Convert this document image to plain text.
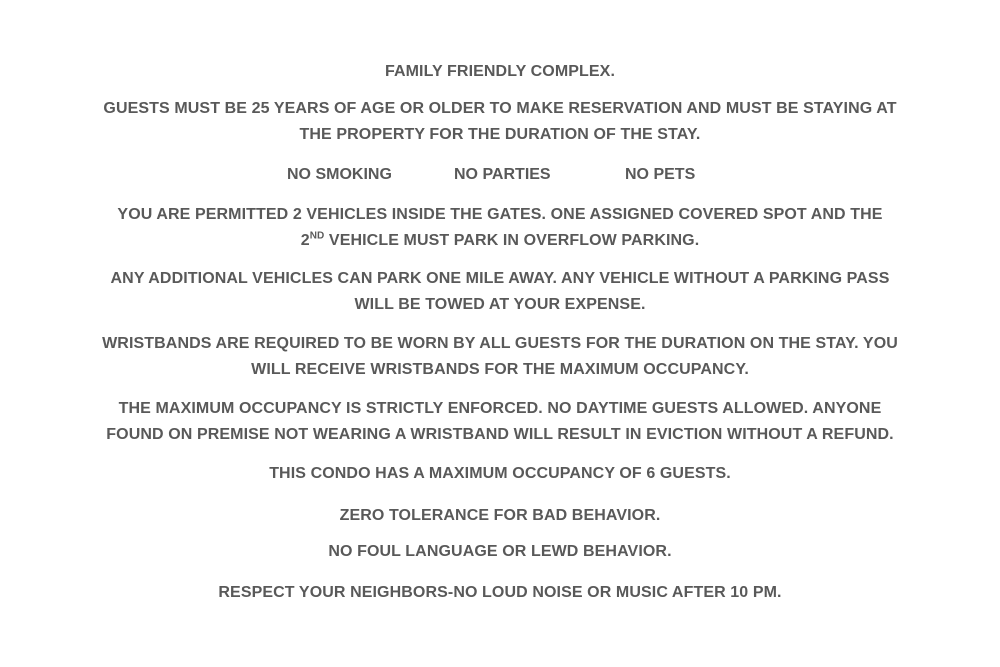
FAMILY FRIENDLY COMPLEX.
GUESTS MUST BE 25 YEARS OF AGE OR OLDER TO MAKE RESERVATION AND MUST BE STAYING AT
THE PROPERTY FOR THE DURATION OF THE STAY.
NO SMOKING	NO PARTIES	NO PETS
YOU ARE PERMITTED 2 VEHICLES INSIDE THE GATES. ONE ASSIGNED COVERED SPOT AND THE
2ND VEHICLE MUST PARK IN OVERFLOW PARKING.
ANY ADDITIONAL VEHICLES CAN PARK ONE MILE AWAY. ANY VEHICLE WITHOUT A PARKING PASS
WILL BE TOWED AT YOUR EXPENSE.
WRISTBANDS ARE REQUIRED TO BE WORN BY ALL GUESTS FOR THE DURATION ON THE STAY. YOU
WILL RECEIVE WRISTBANDS FOR THE MAXIMUM OCCUPANCY.
THE MAXIMUM OCCUPANCY IS STRICTLY ENFORCED. NO DAYTIME GUESTS ALLOWED. ANYONE
FOUND ON PREMISE NOT WEARING A WRISTBAND WILL RESULT IN EVICTION WITHOUT A REFUND.
THIS CONDO HAS A MAXIMUM OCCUPANCY OF 6 GUESTS.
ZERO TOLERANCE FOR BAD BEHAVIOR.
NO FOUL LANGUAGE OR LEWD BEHAVIOR.
RESPECT YOUR NEIGHBORS-NO LOUD NOISE OR MUSIC AFTER 10 PM.
